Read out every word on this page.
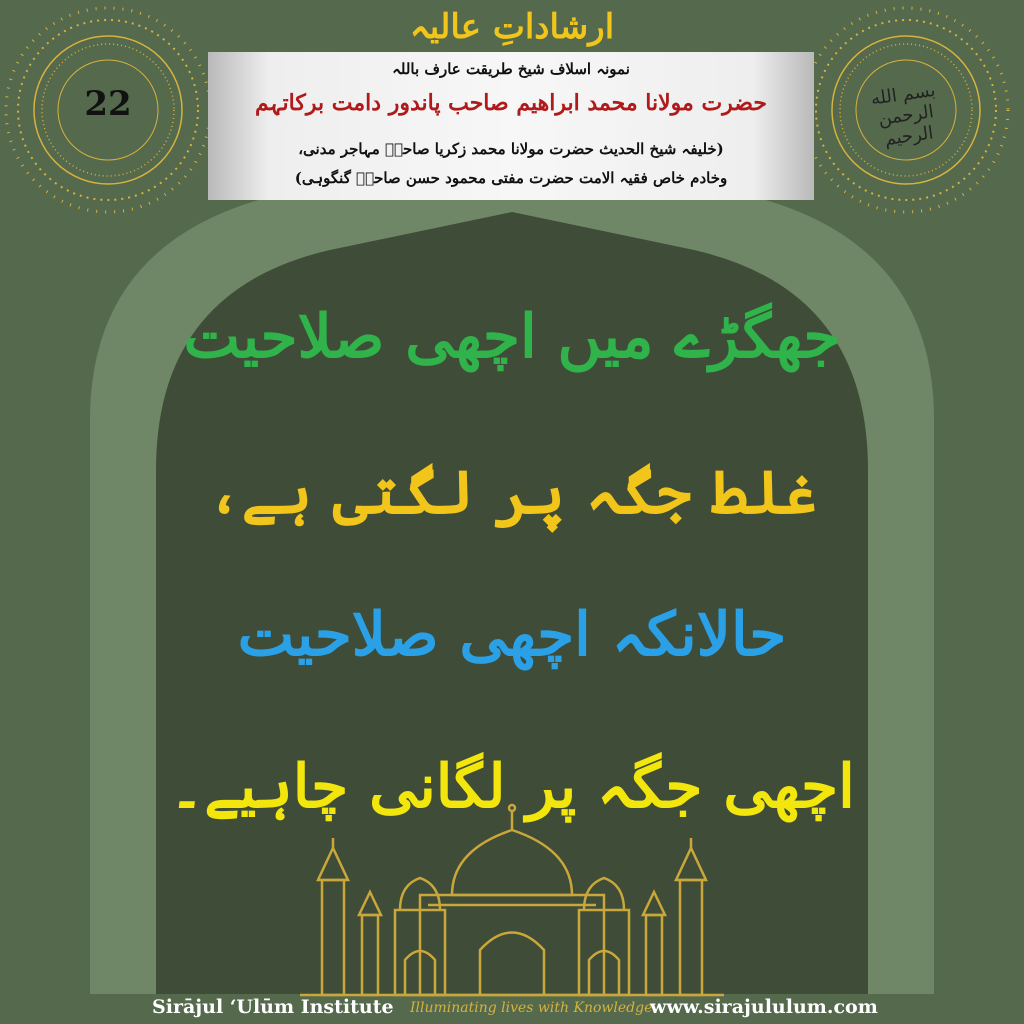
ارشاداتِ عالیہ
22	بسم الله الرحمن الرحيم
نمونہ اسلاف شیخ طریقت عارف باللہ
حضرت مولانا محمد ابراھیم صاحب پاندور دامت برکاتہم
(خلیفہ شیخ الحدیث حضرت مولانا محمد زکریا صاحبؒ مہاجر مدنی،
وخادم خاص فقیہ الامت حضرت مفتی محمود حسن صاحبؒ گنگوہی)
جھگڑے میں اچھی صلاحیت
غلط جگہ پر لگتی ہے،
حالانکہ اچھی صلاحیت
اچھی جگہ پر لگانی چاہیے۔
Sirājul ʻUlūm Institute Illuminating lives with Knowledge
www.sirajululum.com
